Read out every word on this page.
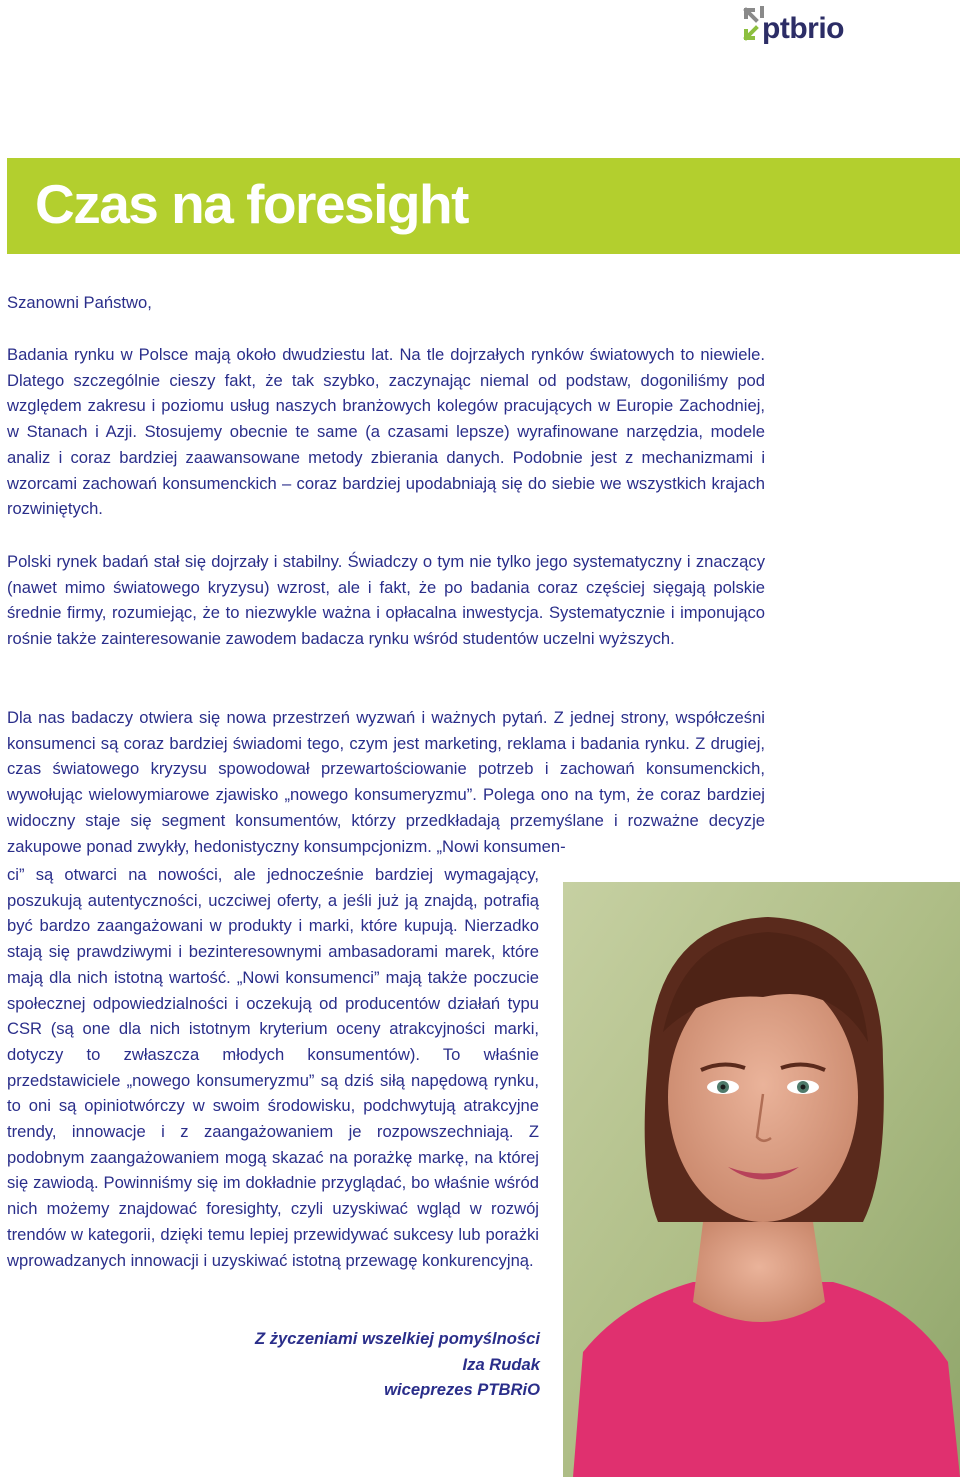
ptbrio
Czas na foresight

Szanowni Państwo,

Badania rynku w Polsce mają około dwudziestu lat. Na tle dojrzałych rynków światowych to niewiele. Dlatego szczególnie cieszy fakt, że tak szybko, zaczynając niemal od podstaw, dogoniliśmy pod względem zakresu i poziomu usług naszych branżowych kolegów pracujących w Europie Zachodniej, w Stanach i Azji. Stosujemy obecnie te same (a czasami lepsze) wyrafinowane narzędzia, modele analiz i coraz bardziej zaawansowane metody zbierania danych. Podobnie jest z mechanizmami i wzorcami zachowań konsumenckich – coraz bardziej upodabniają się do siebie we wszystkich krajach rozwiniętych.

Polski rynek badań stał się dojrzały i stabilny. Świadczy o tym nie tylko jego systematyczny i znaczący (nawet mimo światowego kryzysu) wzrost, ale i fakt, że po badania coraz częściej sięgają polskie średnie firmy, rozumiejąc, że to niezwykle ważna i opłacalna inwestycja. Systematycznie i imponująco rośnie także zainteresowanie zawodem badacza rynku wśród studentów uczelni wyższych.

Dla nas badaczy otwiera się nowa przestrzeń wyzwań i ważnych pytań. Z jednej strony, współcześni konsumenci są coraz bardziej świadomi tego, czym jest marketing, reklama i badania rynku. Z drugiej, czas światowego kryzysu spowodował przewartościowanie potrzeb i zachowań konsumenckich, wywołując wielowymiarowe zjawisko „nowego konsumeryzmu”. Polega ono na tym, że coraz bardziej widoczny staje się segment konsumentów, którzy przedkładają przemyślane i rozważne decyzje zakupowe ponad zwykły, hedonistyczny konsumpcjonizm. „Nowi konsumen-

ci” są otwarci na nowości, ale jednocześnie bardziej wymagający, poszukują autentyczności, uczciwej oferty, a jeśli już ją znajdą, potrafią być bardzo zaangażowani w produkty i marki, które kupują. Nierzadko stają się prawdziwymi i bezinteresownymi ambasadorami marek, które mają dla nich istotną wartość. „Nowi konsumenci” mają także poczucie społecznej odpowiedzialności i oczekują od producentów działań typu CSR (są one dla nich istotnym kryterium oceny atrakcyjności marki, dotyczy to zwłaszcza młodych konsumentów). To właśnie przedstawiciele „nowego konsumeryzmu” są dziś siłą napędową rynku, to oni są opiniotwórczy w swoim środowisku, podchwytują atrakcyjne trendy, innowacje i z zaangażowaniem je rozpowszechniają. Z podobnym zaangażowaniem mogą skazać na porażkę markę, na której się zawiodą. Powinniśmy się im dokładnie przyglądać, bo właśnie wśród nich możemy znajdować foresighty, czyli uzyskiwać wgląd w rozwój trendów w kategorii, dzięki temu lepiej przewidywać sukcesy lub porażki wprowadzanych innowacji i uzyskiwać istotną przewagę konkurencyjną.

Z życzeniami wszelkiej pomyślności
Iza Rudak
wiceprezes PTBRiO
